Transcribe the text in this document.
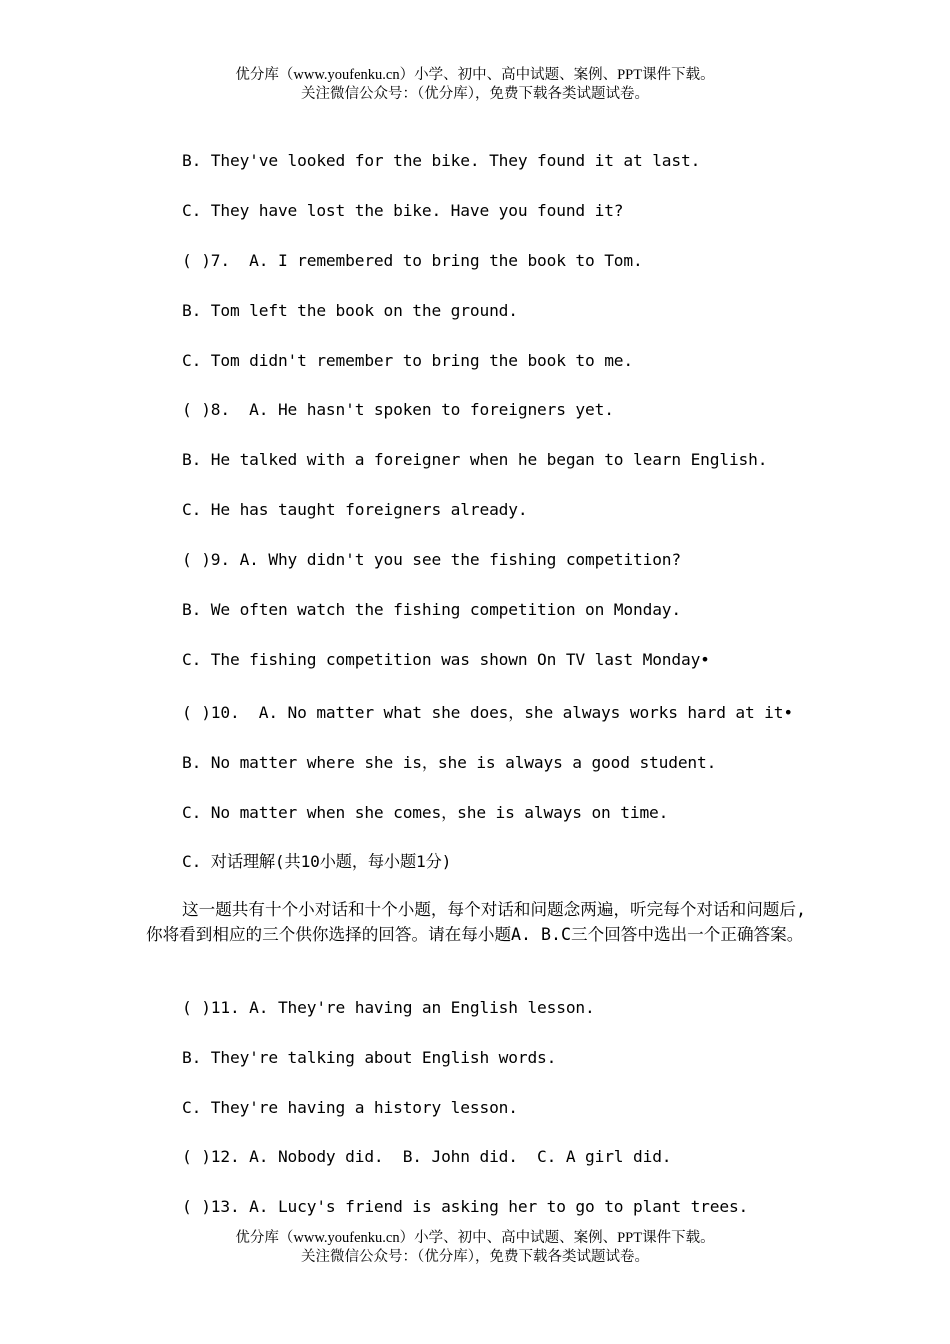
优分库（www.youfenku.cn）小学、初中、高中试题、案例、PPT课件下载。
关注微信公众号：（优分库），免费下载各类试题试卷。
B. They've looked for the bike. They found it at last.
C. They have lost the bike. Have you found it?
( )7.  A. I remembered to bring the book to Tom.
B. Tom left the book on the ground.
C. Tom didn't remember to bring the book to me.
( )8.  A. He hasn't spoken to foreigners yet.
B. He talked with a foreigner when he began to learn English.
C. He has taught foreigners already.
( )9. A. Why didn't you see the fishing competition?
B. We often watch the fishing competition on Monday.
C. The fishing competition was shown On TV last Monday•
( )10.  A. No matter what she does，she always works hard at it•
B. No matter where she is，she is always a good student.
C. No matter when she comes，she is always on time.
C. 对话理解(共10小题，每小题1分)
这一题共有十个小对话和十个小题，每个对话和问题念两遍，听完每个对话和问题后,你将看到相应的三个供你选择的回答。请在每小题A. B.C三个回答中选出一个正确答案。
( )11. A. They're having an English lesson.
B. They're talking about English words.
C. They're having a history lesson.
( )12. A. Nobody did.  B. John did.  C. A girl did.
( )13. A. Lucy's friend is asking her to go to plant trees.
优分库（www.youfenku.cn）小学、初中、高中试题、案例、PPT课件下载。
关注微信公众号：（优分库），免费下载各类试题试卷。
